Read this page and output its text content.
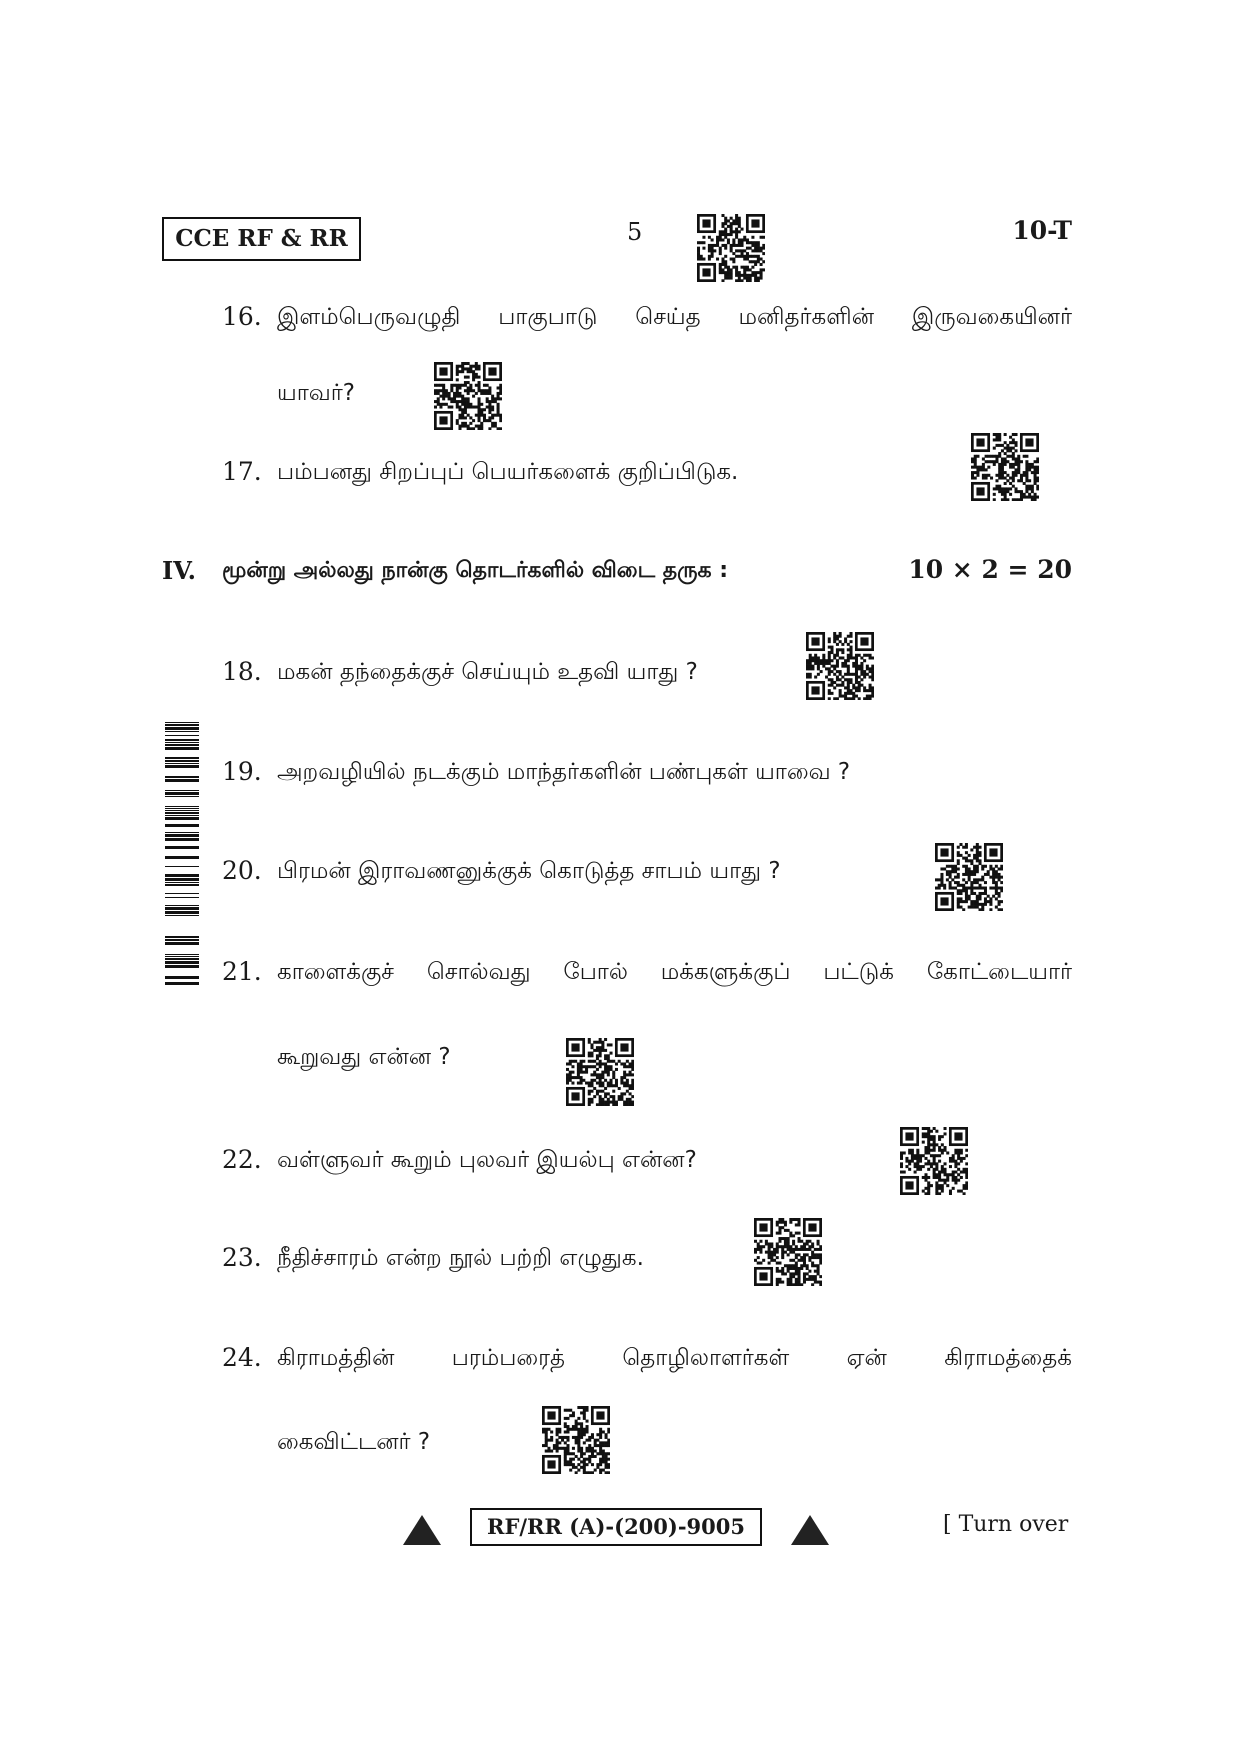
CCE RF & RR	5	10-T
16. இளம்பெருவழுதி பாகுபாடு செய்த மனிதர்களின் இருவகையினர்
யாவர்?
17. பம்பனது சிறப்புப் பெயர்களைக் குறிப்பிடுக.
IV. மூன்று அல்லது நான்கு தொடர்களில் விடை தருக :	10 × 2 = 20
18. மகன் தந்தைக்குச் செய்யும் உதவி யாது ?
19. அறவழியில் நடக்கும் மாந்தர்களின் பண்புகள் யாவை ?
20. பிரமன் இராவணனுக்குக் கொடுத்த சாபம் யாது ?
21. காளைக்குச் சொல்வது போல் மக்களுக்குப் பட்டுக் கோட்டையார்
கூறுவது என்ன ?
22. வள்ளுவர் கூறும் புலவர் இயல்பு என்ன?
23. நீதிச்சாரம் என்ற நூல் பற்றி எழுதுக.
24. கிராமத்தின் பரம்பரைத் தொழிலாளர்கள் ஏன் கிராமத்தைக்
கைவிட்டனர் ?
RF/RR (A)-(200)-9005	[ Turn over
